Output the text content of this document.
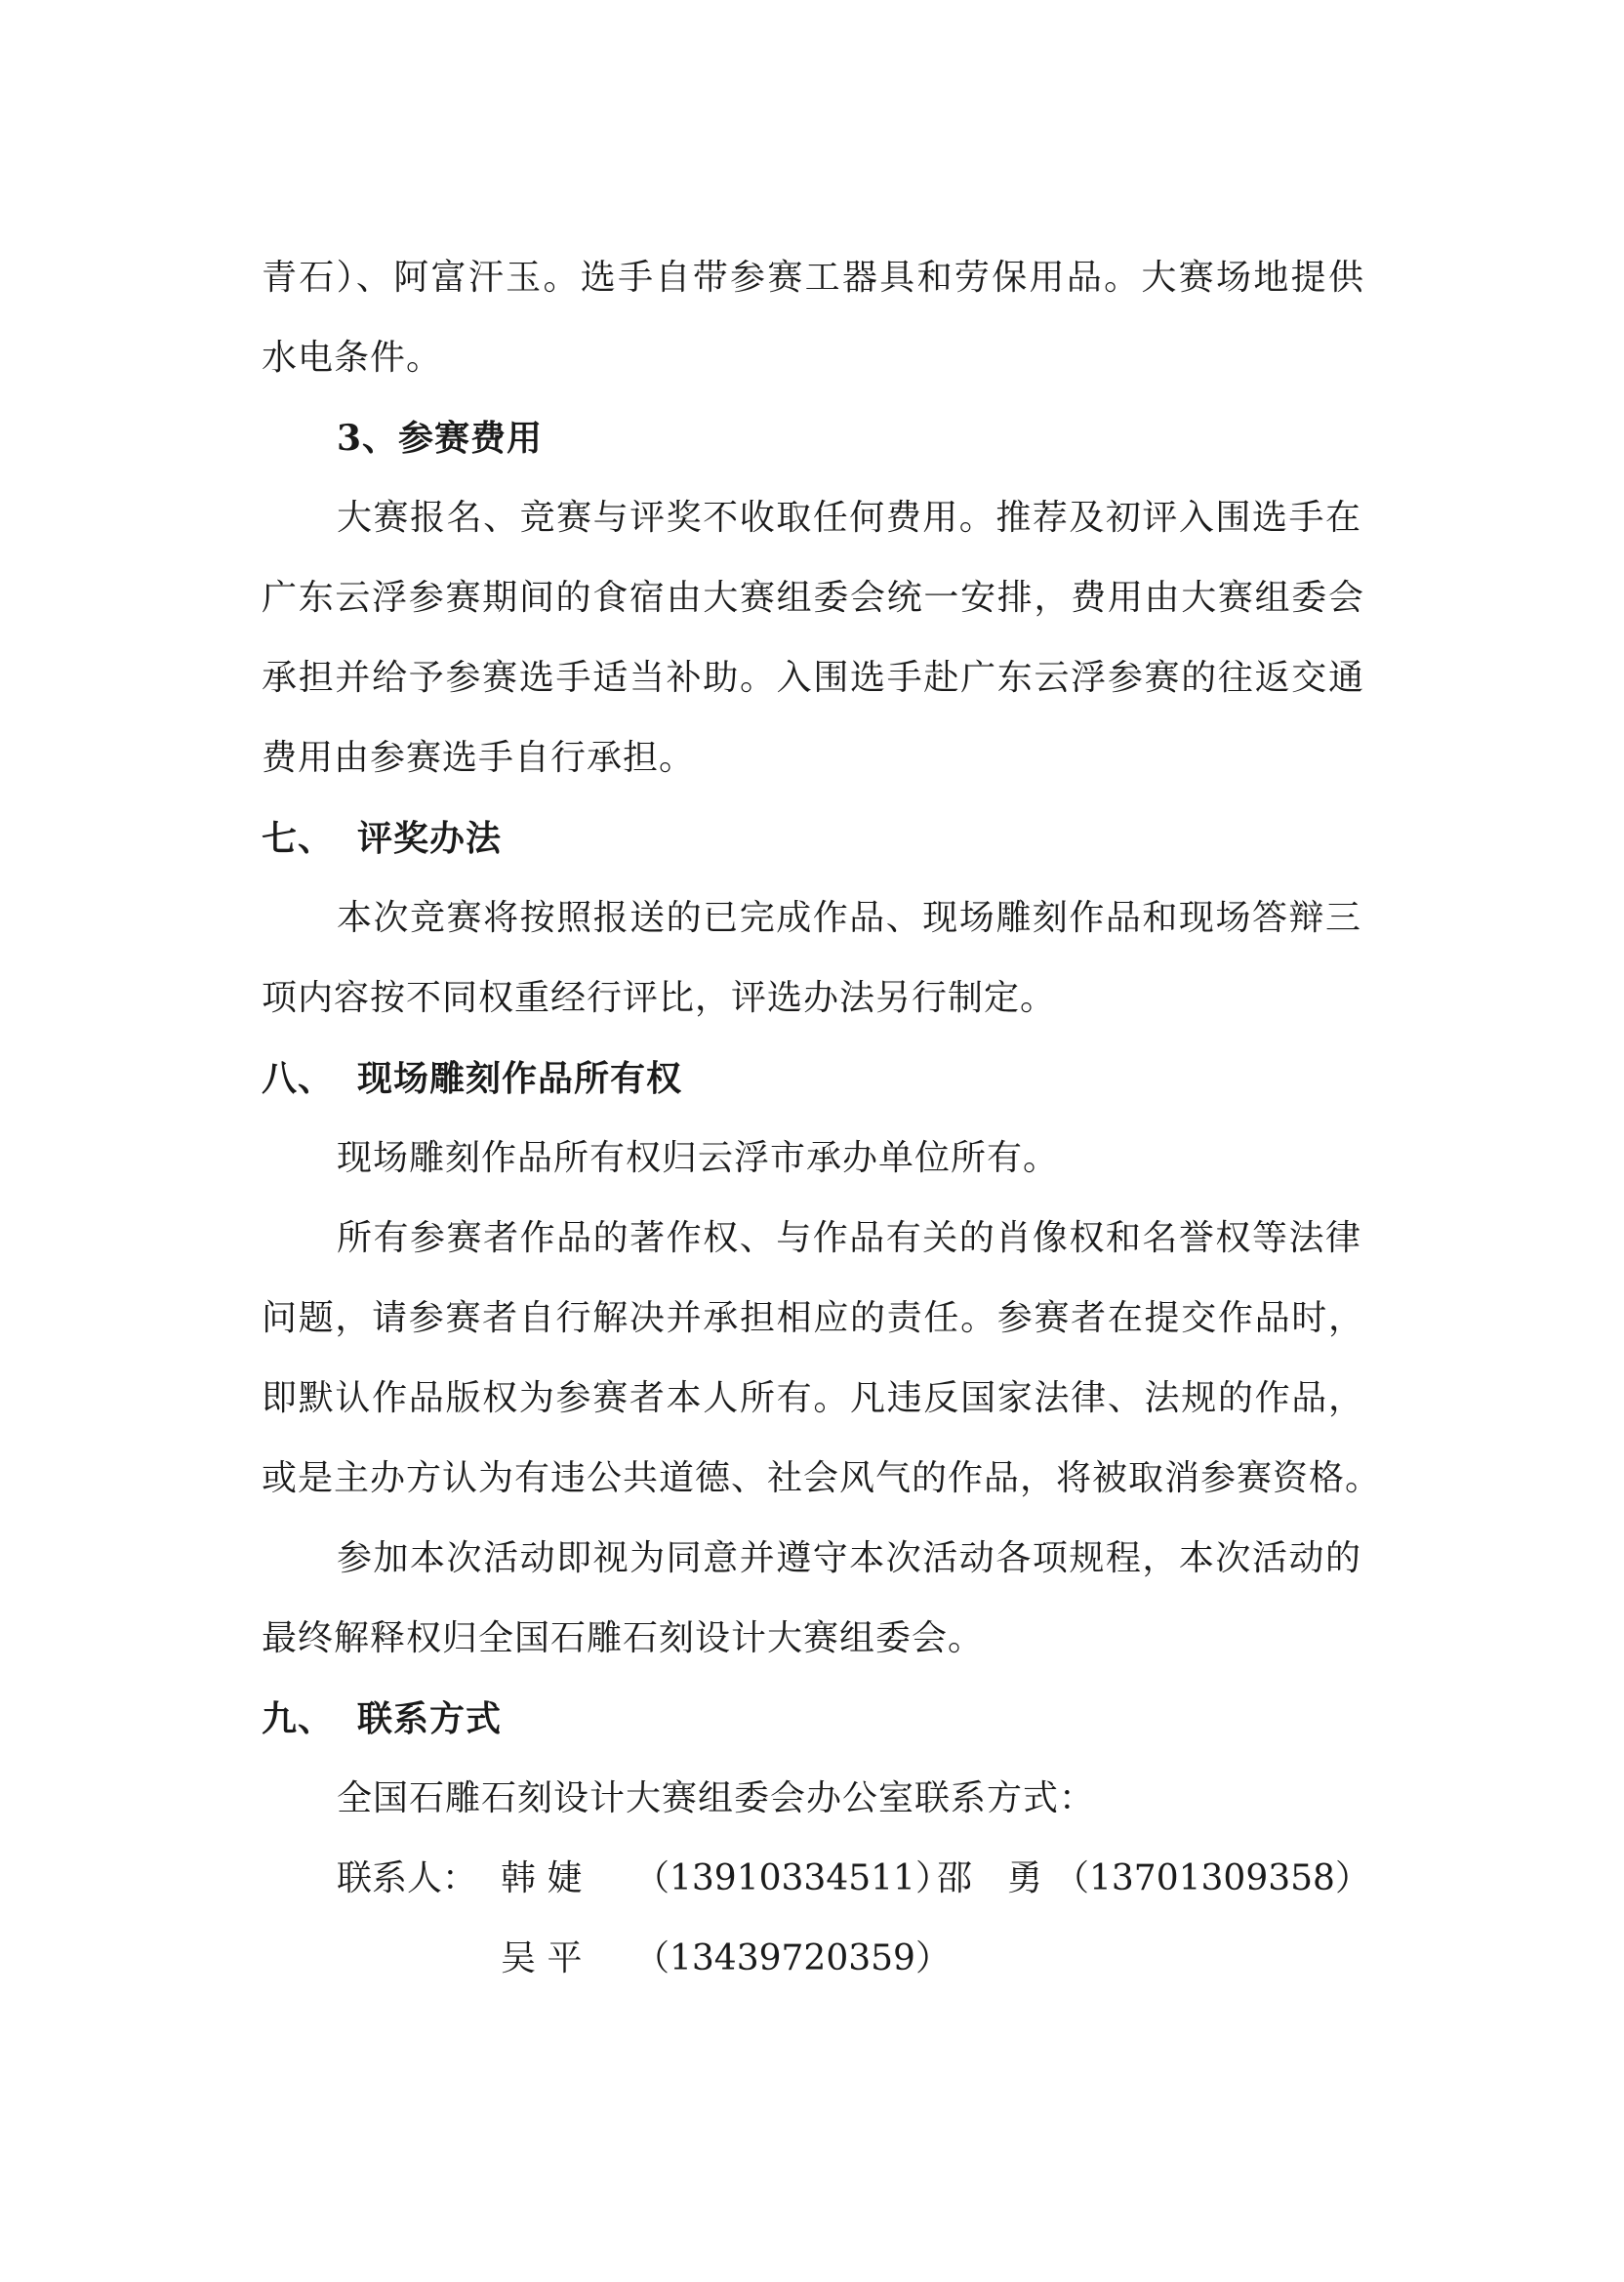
青石）、阿富汗玉。选手自带参赛工器具和劳保用品。大赛场地提供
水电条件。
3、参赛费用
大赛报名、竞赛与评奖不收取任何费用。推荐及初评入围选手在
广东云浮参赛期间的食宿由大赛组委会统一安排，费用由大赛组委会
承担并给予参赛选手适当补助。入围选手赴广东云浮参赛的往返交通
费用由参赛选手自行承担。
七、 评奖办法
本次竞赛将按照报送的已完成作品、现场雕刻作品和现场答辩三
项内容按不同权重经行评比，评选办法另行制定。
八、 现场雕刻作品所有权
现场雕刻作品所有权归云浮市承办单位所有。
所有参赛者作品的著作权、与作品有关的肖像权和名誉权等法律
问题，请参赛者自行解决并承担相应的责任。参赛者在提交作品时，
即默认作品版权为参赛者本人所有。凡违反国家法律、法规的作品，
或是主办方认为有违公共道德、社会风气的作品，将被取消参赛资格。
参加本次活动即视为同意并遵守本次活动各项规程，本次活动的
最终解释权归全国石雕石刻设计大赛组委会。
九、 联系方式
全国石雕石刻设计大赛组委会办公室联系方式：
联系人： 韩 婕 （13910334511）
邵　勇 （13701309358）
吴 平 （13439720359）
